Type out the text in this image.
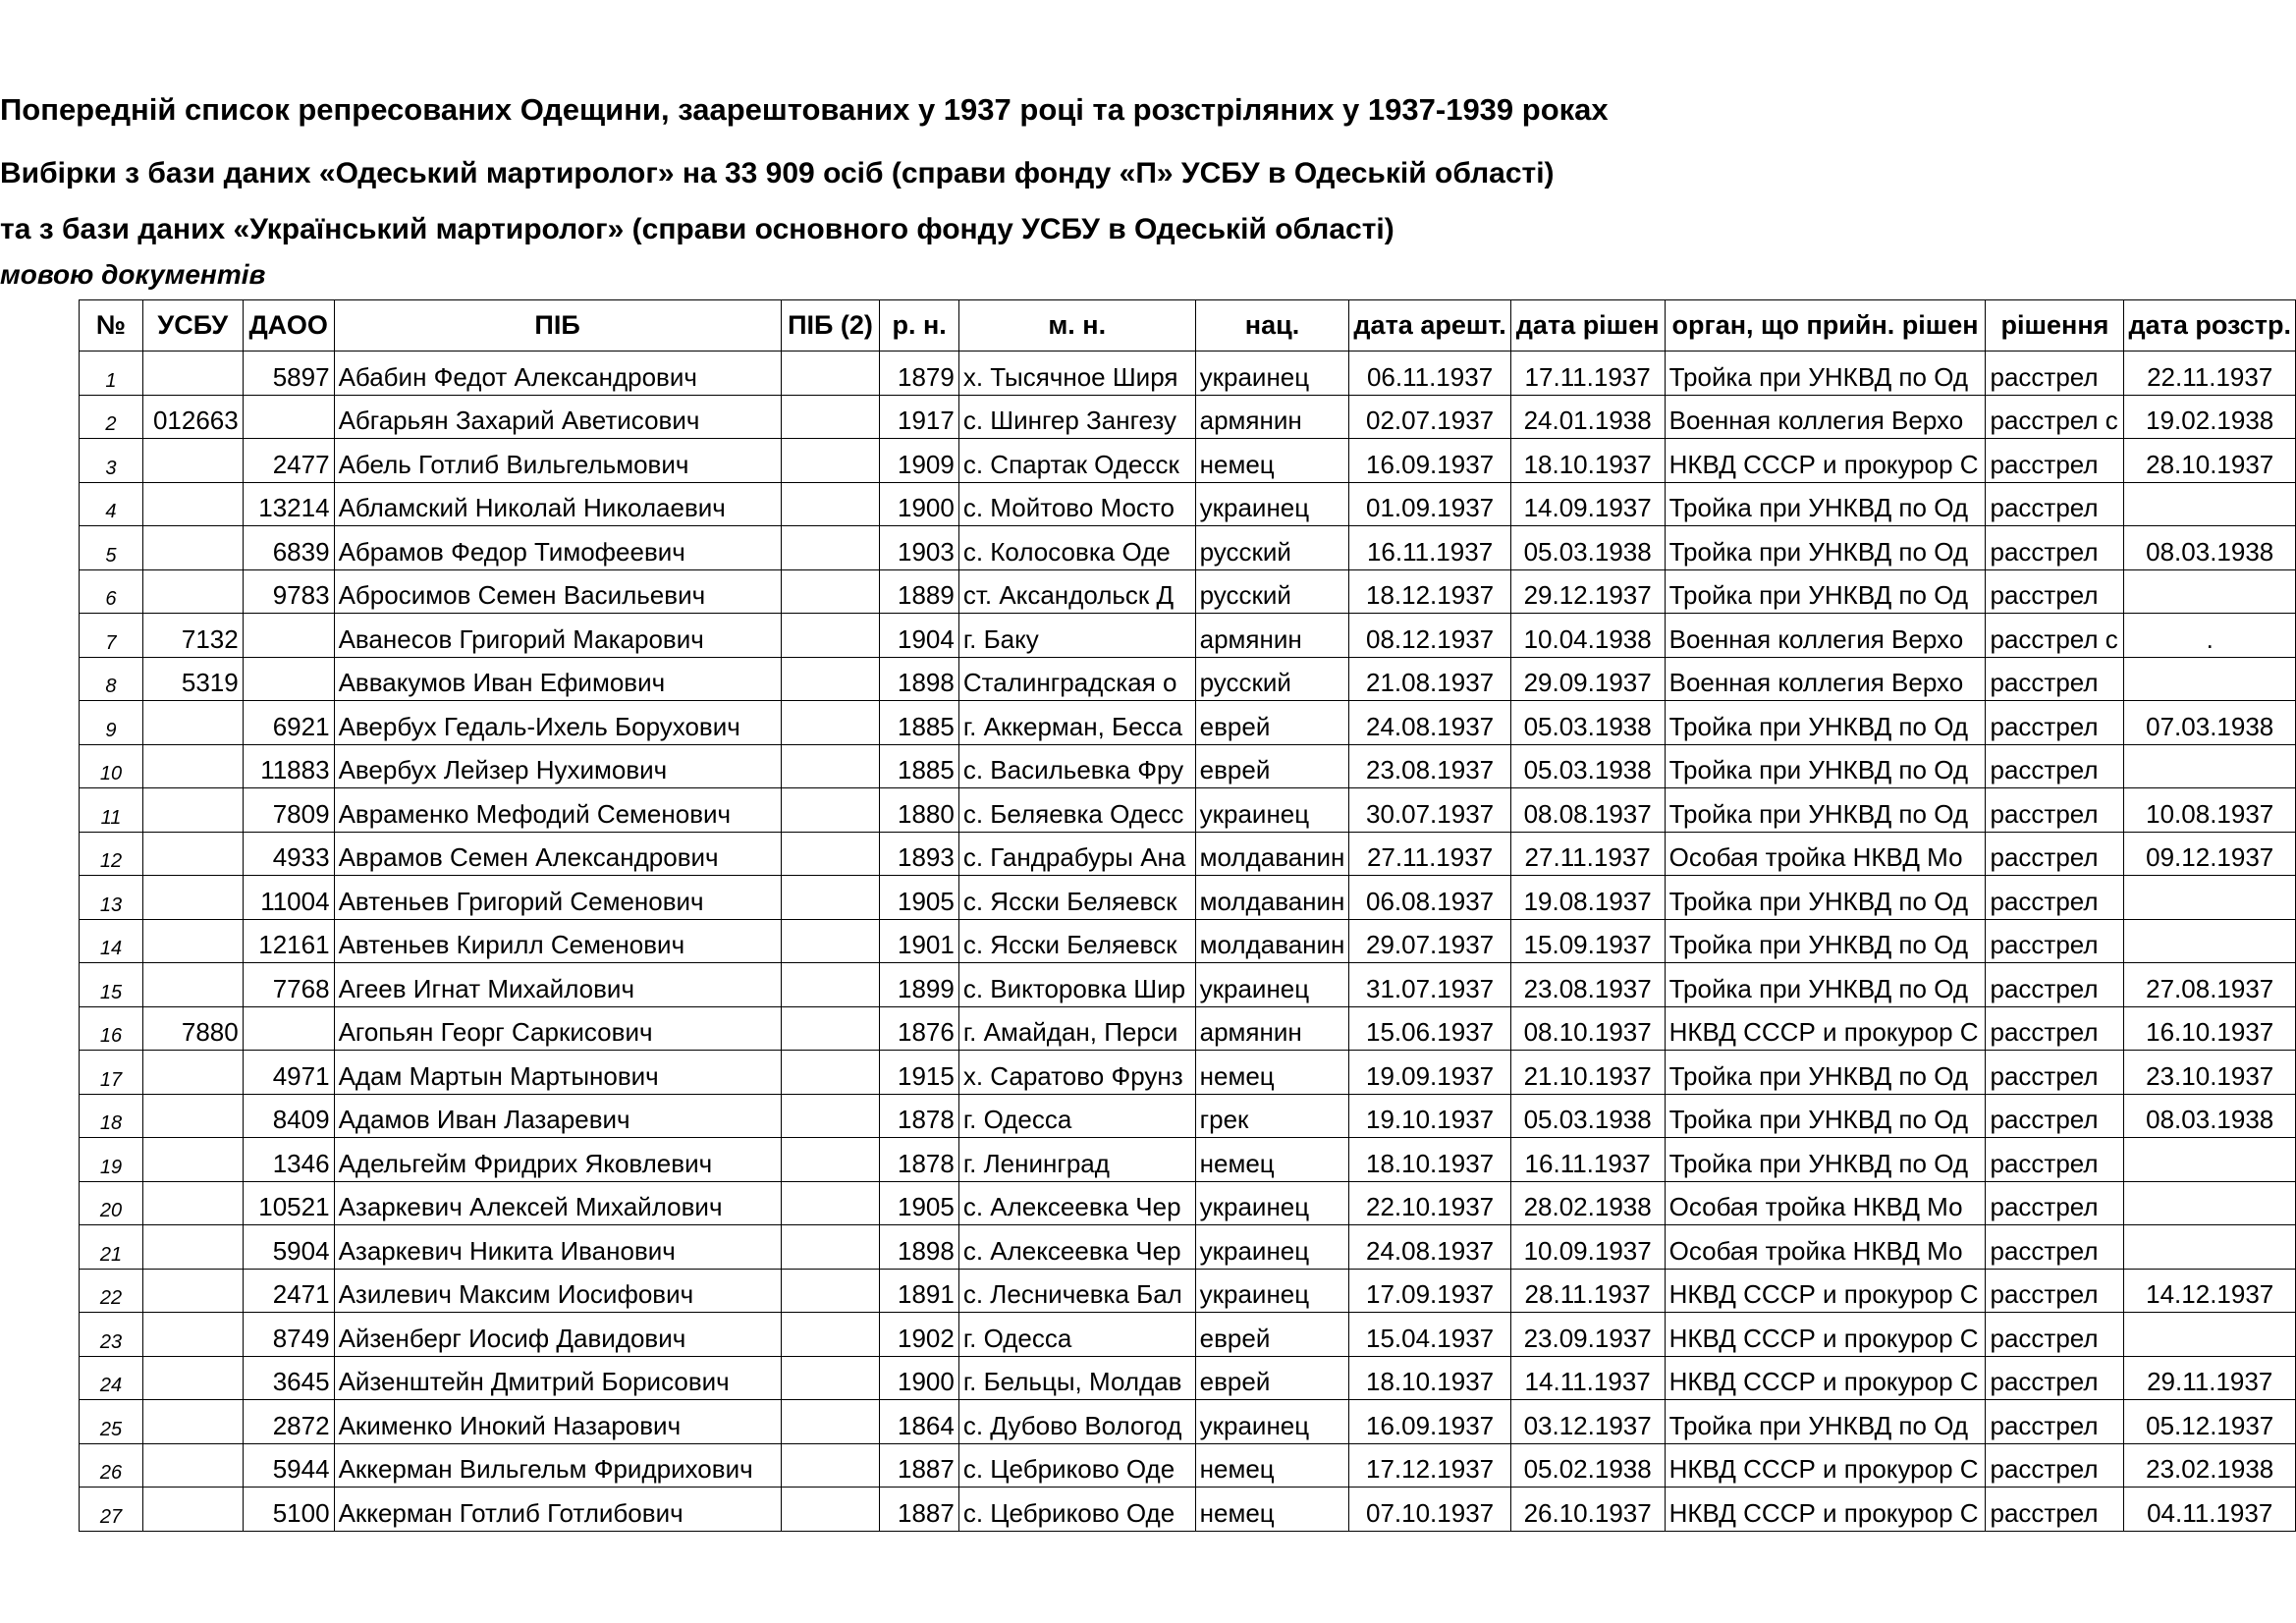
Попередній список репресованих Одещини, заарештованих у 1937 році та розстріляних у 1937-1939 роках
Вибірки з бази даних «Одеський мартиролог» на 33 909 осіб (справи фонду «П» УСБУ в Одеській області)
та з бази даних «Український мартиролог» (справи основного фонду УСБУ в Одеській області)
мовою документів
№	УСБУ	ДАОО	ПІБ	ПІБ (2)	р. н.	м. н.	нац.	дата арешт.	дата рішен	орган, що прийн. рішен	рішення	дата розстр.
1		5897	Абабин Федот Александрович		1879	х. Тысячное Ширя	украинец	06.11.1937	17.11.1937	Тройка при УНКВД по Од	расстрел	22.11.1937
2	012663		Абгарьян Захарий Аветисович		1917	с. Шингер Зангезу	армянин	02.07.1937	24.01.1938	Военная коллегия Верхо	расстрел с	19.02.1938
3		2477	Абель Готлиб Вильгельмович		1909	с. Спартак Одесск	немец	16.09.1937	18.10.1937	НКВД СССР и прокурор С	расстрел	28.10.1937
4		13214	Абламский Николай Николаевич		1900	с. Мойтово Мосто	украинец	01.09.1937	14.09.1937	Тройка при УНКВД по Од	расстрел	
5		6839	Абрамов Федор Тимофеевич		1903	с. Колосовка Оде	русский	16.11.1937	05.03.1938	Тройка при УНКВД по Од	расстрел	08.03.1938
6		9783	Абросимов Семен Васильевич		1889	ст. Аксандольск Д	русский	18.12.1937	29.12.1937	Тройка при УНКВД по Од	расстрел	
7	7132		Аванесов Григорий Макарович		1904	г. Баку	армянин	08.12.1937	10.04.1938	Военная коллегия Верхо	расстрел с	.
8	5319		Аввакумов Иван Ефимович		1898	Сталинградская о	русский	21.08.1937	29.09.1937	Военная коллегия Верхо	расстрел	
9		6921	Авербух Гедаль-Ихель Борухович		1885	г. Аккерман, Бесса	еврей	24.08.1937	05.03.1938	Тройка при УНКВД по Од	расстрел	07.03.1938
10		11883	Авербух Лейзер Нухимович		1885	с. Васильевка Фру	еврей	23.08.1937	05.03.1938	Тройка при УНКВД по Од	расстрел	
11		7809	Авраменко Мефодий Семенович		1880	с. Беляевка Одесс	украинец	30.07.1937	08.08.1937	Тройка при УНКВД по Од	расстрел	10.08.1937
12		4933	Аврамов Семен Александрович		1893	с. Гандрабуры Ана	молдаванин	27.11.1937	27.11.1937	Особая тройка НКВД Мо	расстрел	09.12.1937
13		11004	Автеньев Григорий Семенович		1905	с. Ясски Беляевск	молдаванин	06.08.1937	19.08.1937	Тройка при УНКВД по Од	расстрел	
14		12161	Автеньев Кирилл Семенович		1901	с. Ясски Беляевск	молдаванин	29.07.1937	15.09.1937	Тройка при УНКВД по Од	расстрел	
15		7768	Агеев Игнат Михайлович		1899	с. Викторовка Шир	украинец	31.07.1937	23.08.1937	Тройка при УНКВД по Од	расстрел	27.08.1937
16	7880		Агопьян Георг Саркисович		1876	г. Амайдан, Перси	армянин	15.06.1937	08.10.1937	НКВД СССР и прокурор С	расстрел	16.10.1937
17		4971	Адам Мартын Мартынович		1915	х. Саратово Фрунз	немец	19.09.1937	21.10.1937	Тройка при УНКВД по Од	расстрел	23.10.1937
18		8409	Адамов Иван Лазаревич		1878	г. Одесса	грек	19.10.1937	05.03.1938	Тройка при УНКВД по Од	расстрел	08.03.1938
19		1346	Адельгейм Фридрих Яковлевич		1878	г. Ленинград	немец	18.10.1937	16.11.1937	Тройка при УНКВД по Од	расстрел	
20		10521	Азаркевич Алексей Михайлович		1905	с. Алексеевка Чер	украинец	22.10.1937	28.02.1938	Особая тройка НКВД Мо	расстрел	
21		5904	Азаркевич Никита Иванович		1898	с. Алексеевка Чер	украинец	24.08.1937	10.09.1937	Особая тройка НКВД Мо	расстрел	
22		2471	Азилевич Максим Иосифович		1891	с. Лесничевка Бал	украинец	17.09.1937	28.11.1937	НКВД СССР и прокурор С	расстрел	14.12.1937
23		8749	Айзенберг Иосиф Давидович		1902	г. Одесса	еврей	15.04.1937	23.09.1937	НКВД СССР и прокурор С	расстрел	
24		3645	Айзенштейн Дмитрий Борисович		1900	г. Бельцы, Молдав	еврей	18.10.1937	14.11.1937	НКВД СССР и прокурор С	расстрел	29.11.1937
25		2872	Акименко Инокий Назарович		1864	с. Дубово Вологод	украинец	16.09.1937	03.12.1937	Тройка при УНКВД по Од	расстрел	05.12.1937
26		5944	Аккерман Вильгельм Фридрихович		1887	с. Цебриково Оде	немец	17.12.1937	05.02.1938	НКВД СССР и прокурор С	расстрел	23.02.1938
27		5100	Аккерман Готлиб Готлибович		1887	с. Цебриково Оде	немец	07.10.1937	26.10.1937	НКВД СССР и прокурор С	расстрел	04.11.1937
